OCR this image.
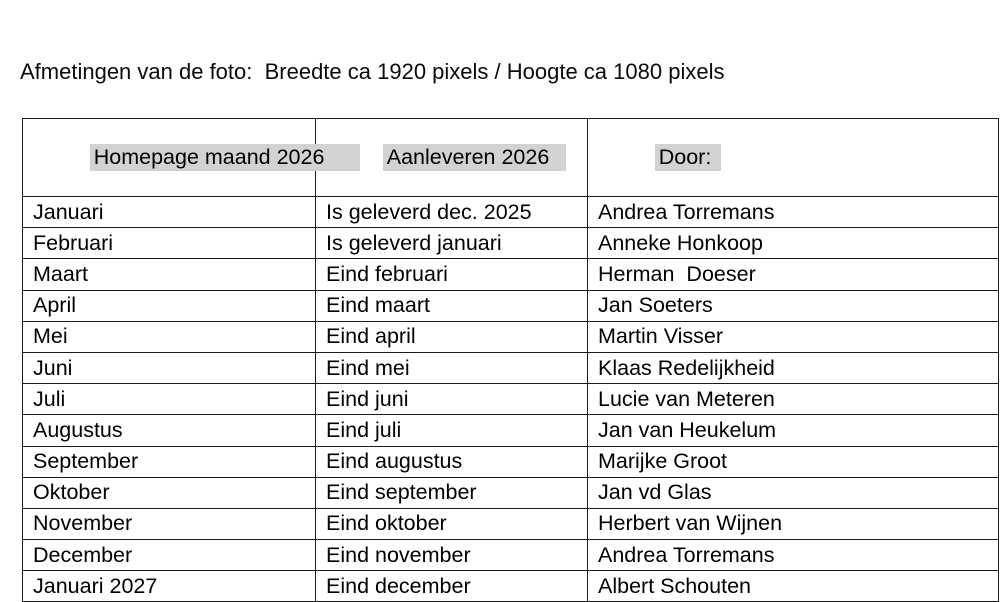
Afmetingen van de foto:  Breedte ca 1920 pixels / Hoogte ca 1080 pixels

Homepage maand 2026	Aanleveren 2026	Door:

Januari	Is geleverd dec. 2025	Andrea Torremans
Februari	Is geleverd januari	Anneke Honkoop
Maart	Eind februari	Herman  Doeser
April	Eind maart	Jan Soeters
Mei	Eind april	Martin Visser
Juni	Eind mei	Klaas Redelijkheid
Juli	Eind juni	Lucie van Meteren
Augustus	Eind juli	Jan van Heukelum
September	Eind augustus	Marijke Groot
Oktober	Eind september	Jan vd Glas
November	Eind oktober	Herbert van Wijnen
December	Eind november	Andrea Torremans
Januari 2027	Eind december	Albert Schouten
